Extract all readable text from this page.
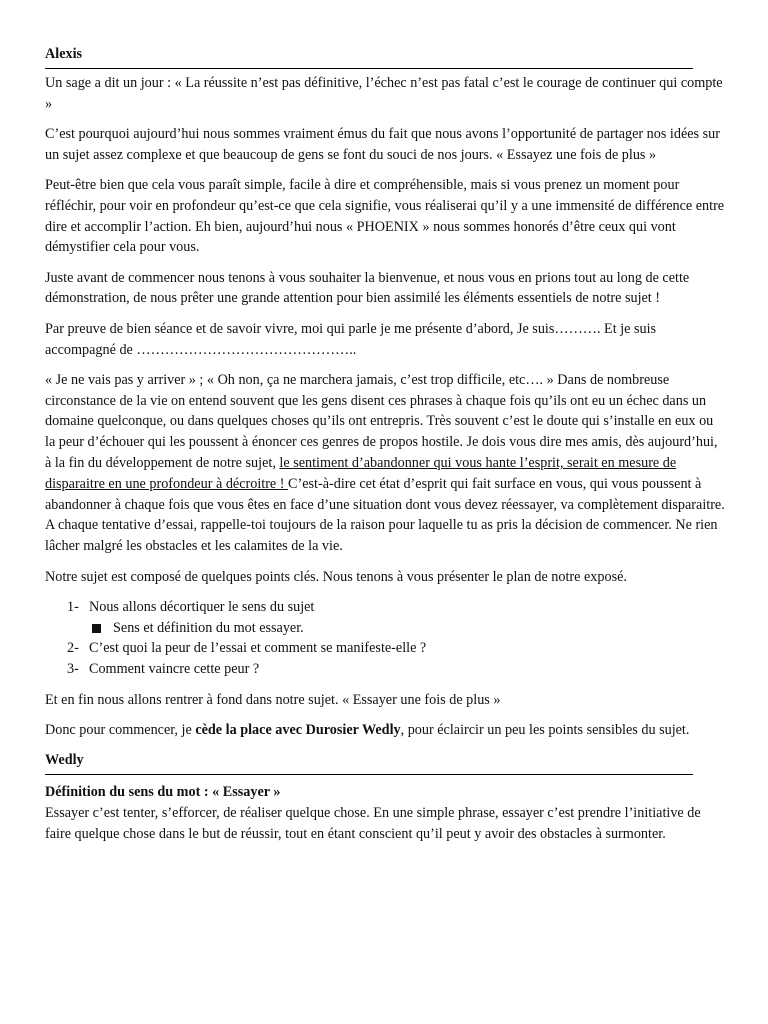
Alexis

Un sage a dit un jour : « La réussite n’est pas définitive, l’échec n’est pas fatal c’est le courage de continuer qui compte »

C’est pourquoi aujourd’hui nous sommes vraiment émus du fait que nous avons l’opportunité de partager nos idées sur un sujet assez complexe et que beaucoup de gens se font du souci de nos jours. « Essayez une fois de plus »

Peut-être bien que cela vous paraît simple, facile à dire et compréhensible, mais si vous prenez un moment pour réfléchir, pour voir en profondeur qu’est-ce que cela signifie, vous réaliserai qu’il y a une immensité de différence entre dire et accomplir l’action. Eh bien, aujourd’hui nous « PHOENIX » nous sommes honorés d’être ceux qui vont démystifier cela pour vous.

Juste avant de commencer nous tenons à vous souhaiter la bienvenue, et nous vous en prions tout au long de cette démonstration, de nous prêter une grande attention pour bien assimilé les éléments essentiels de notre sujet !

Par preuve de bien séance et de savoir vivre, moi qui parle je me présente d’abord, Je suis………. Et je suis accompagné de ………………………………………..

« Je ne vais pas y arriver » ; « Oh non, ça ne marchera jamais, c’est trop difficile, etc…. » Dans de nombreuse circonstance de la vie on entend souvent que les gens disent ces phrases à chaque fois qu’ils ont eu un échec dans un domaine quelconque, ou dans quelques choses qu’ils ont entrepris. Très souvent c’est le doute qui s’installe en eux ou la peur d’échouer qui les poussent à énoncer ces genres de propos hostile. Je dois vous dire mes amis, dès aujourd’hui, à la fin du développement de notre sujet, le sentiment d’abandonner qui vous hante l’esprit, serait en mesure de disparaitre en une profondeur à décroitre ! C’est-à-dire cet état d’esprit qui fait surface en vous, qui vous poussent à abandonner à chaque fois que vous êtes en face d’une situation dont vous devez réessayer, va complètement disparaitre. A chaque tentative d’essai, rappelle-toi toujours de la raison pour laquelle tu as pris la décision de commencer. Ne rien lâcher malgré les obstacles et les calamites de la vie.

Notre sujet est composé de quelques points clés. Nous tenons à vous présenter le plan de notre exposé.

1- Nous allons décortiquer le sens du sujet
Sens et définition du mot essayer.
2- C’est quoi la peur de l’essai et comment se manifeste-elle ?
3- Comment vaincre cette peur ?

Et en fin nous allons rentrer à fond dans notre sujet. « Essayer une fois de plus »

Donc pour commencer, je cède la place avec Durosier Wedly, pour éclaircir un peu les points sensibles du sujet.

Wedly

Définition du sens du mot : « Essayer »

Essayer c’est tenter, s’efforcer, de réaliser quelque chose. En une simple phrase, essayer c’est prendre l’initiative de faire quelque chose dans le but de réussir, tout en étant conscient qu’il peut y avoir des obstacles à surmonter.
